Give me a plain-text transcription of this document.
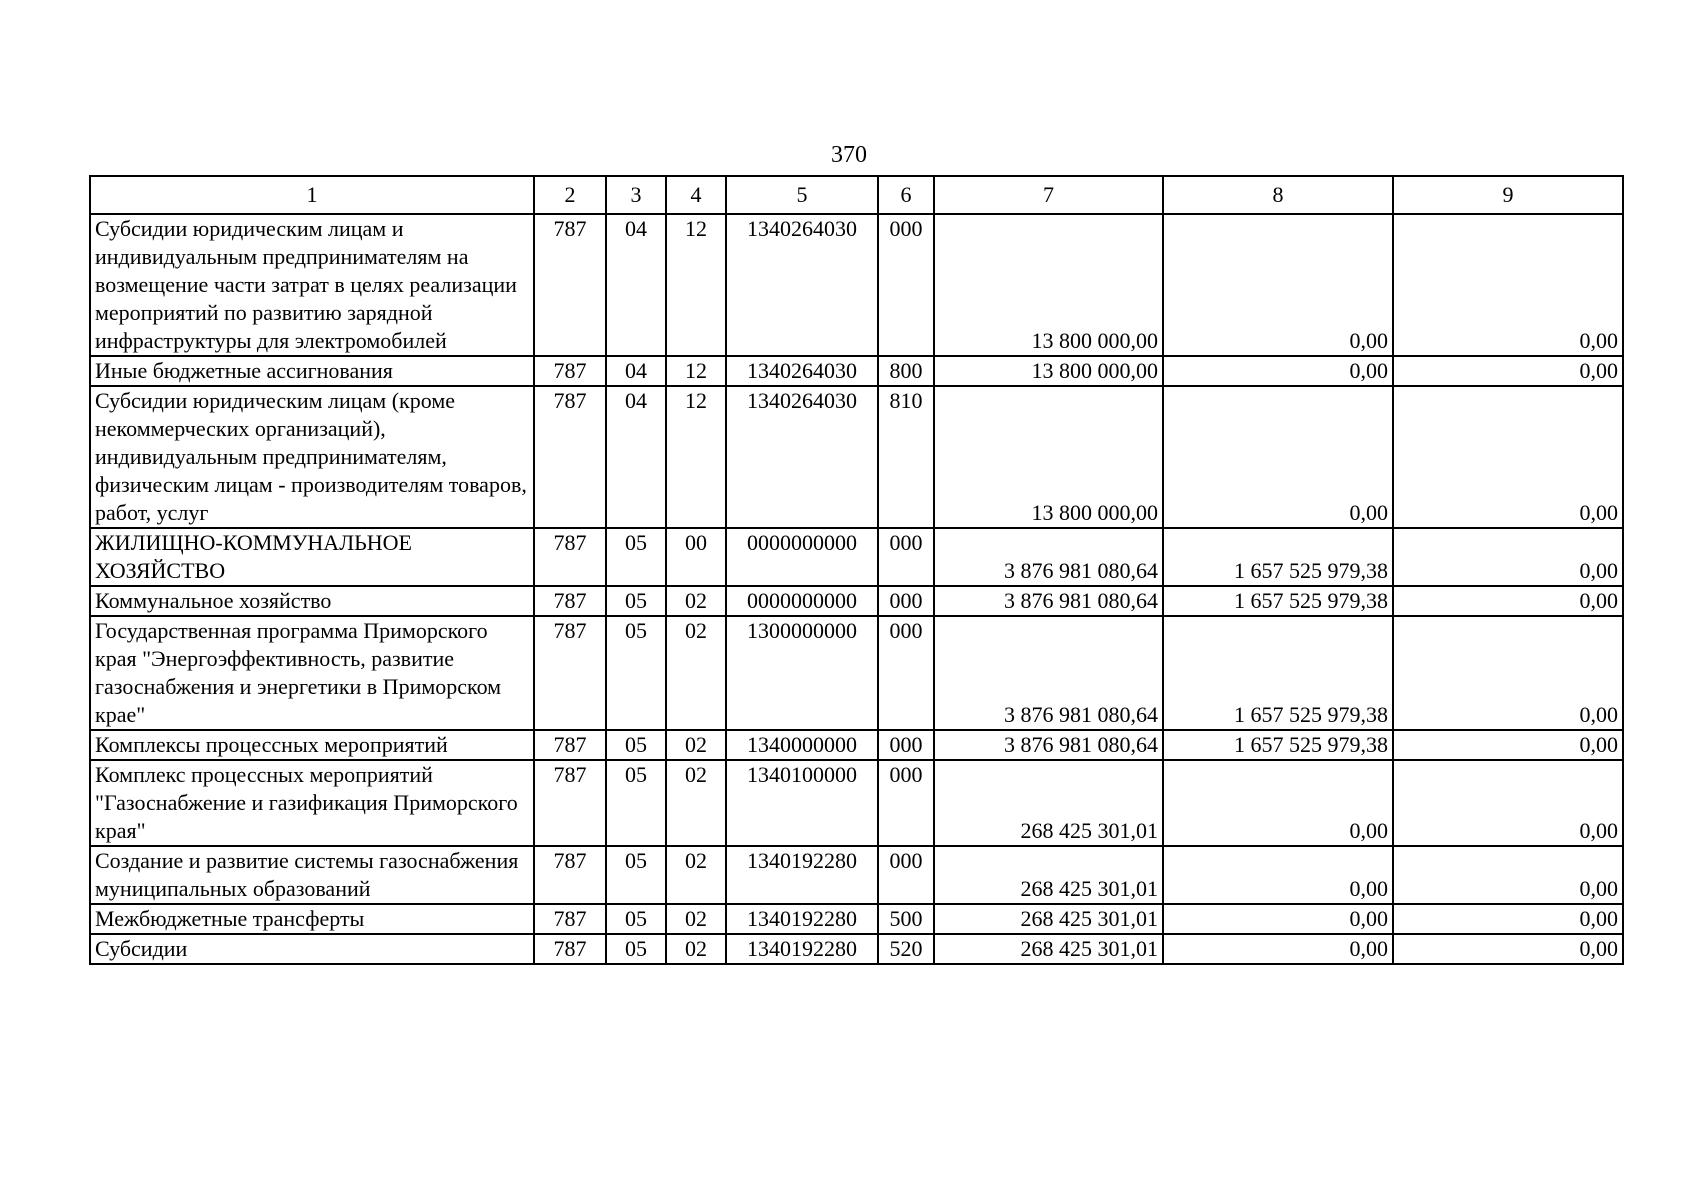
370
1	2	3	4	5	6	7	8	9
Субсидии юридическим лицам и индивидуальным предпринимателям на возмещение части затрат в целях реализации мероприятий по развитию зарядной инфраструктуры для электромобилей	787	04	12	1340264030	000	13 800 000,00	0,00	0,00
Иные бюджетные ассигнования	787	04	12	1340264030	800	13 800 000,00	0,00	0,00
Субсидии юридическим лицам (кроме некоммерческих организаций), индивидуальным предпринимателям, физическим лицам - производителям товаров, работ, услуг	787	04	12	1340264030	810	13 800 000,00	0,00	0,00
ЖИЛИЩНО-КОММУНАЛЬНОЕ ХОЗЯЙСТВО	787	05	00	0000000000	000	3 876 981 080,64	1 657 525 979,38	0,00
Коммунальное хозяйство	787	05	02	0000000000	000	3 876 981 080,64	1 657 525 979,38	0,00
Государственная программа Приморского края "Энергоэффективность, развитие газоснабжения и энергетики в Приморском крае"	787	05	02	1300000000	000	3 876 981 080,64	1 657 525 979,38	0,00
Комплексы процессных мероприятий	787	05	02	1340000000	000	3 876 981 080,64	1 657 525 979,38	0,00
Комплекс процессных мероприятий "Газоснабжение и газификация Приморского края"	787	05	02	1340100000	000	268 425 301,01	0,00	0,00
Создание и развитие системы газоснабжения муниципальных образований	787	05	02	1340192280	000	268 425 301,01	0,00	0,00
Межбюджетные трансферты	787	05	02	1340192280	500	268 425 301,01	0,00	0,00
Субсидии	787	05	02	1340192280	520	268 425 301,01	0,00	0,00
